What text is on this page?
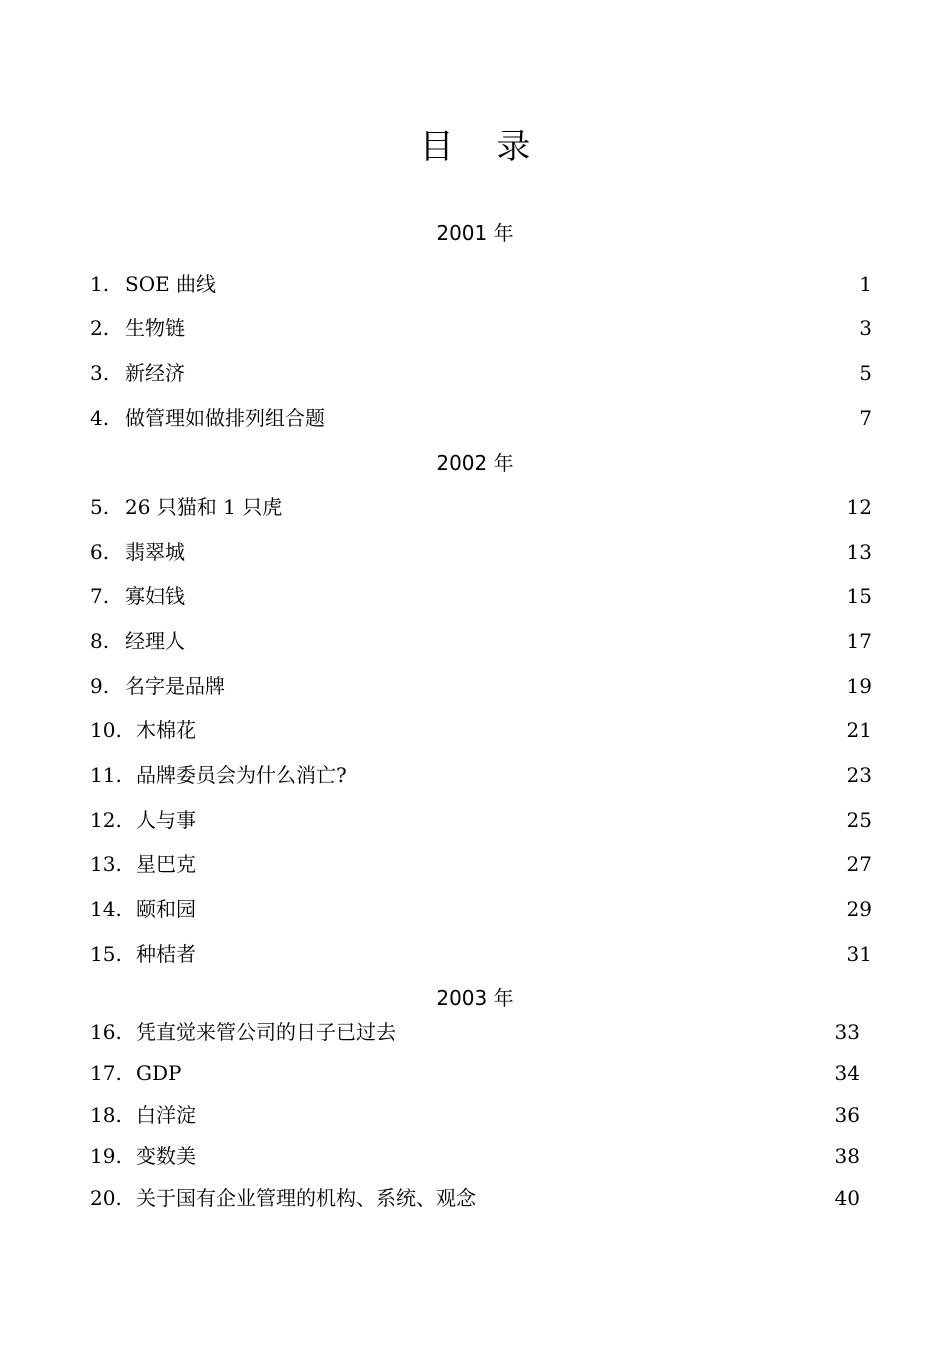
目 录
2001 年
1. SOE 曲线	1
2. 生物链	3
3. 新经济	5
4. 做管理如做排列组合题	7
2002 年
5. 26 只猫和 1 只虎	12
6. 翡翠城	13
7. 寡妇钱	15
8. 经理人	17
9. 名字是品牌	19
10. 木棉花	21
11. 品牌委员会为什么消亡?	23
12. 人与事	25
13. 星巴克	27
14. 颐和园	29
15. 种桔者	31
2003 年
16. 凭直觉来管公司的日子已过去	33
17. GDP	34
18. 白洋淀	36
19. 变数美	38
20. 关于国有企业管理的机构、系统、观念	40
